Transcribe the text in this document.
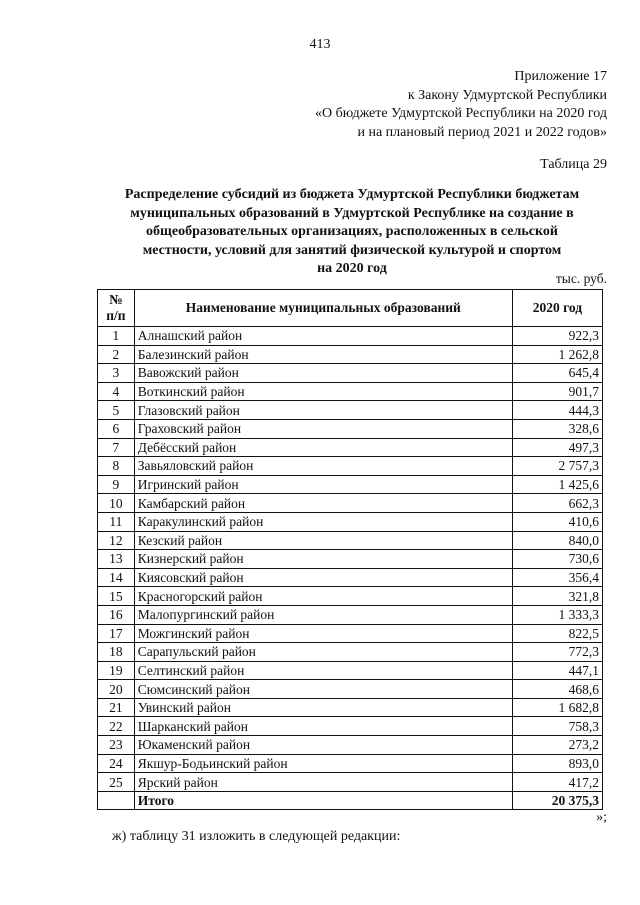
413
Приложение 17
к Закону Удмуртской Республики
«О бюджете Удмуртской Республики на 2020 год
и на плановый период 2021 и 2022 годов»
Таблица 29
Распределение субсидий из бюджета Удмуртской Республики бюджетам
муниципальных образований в Удмуртской Республике на создание в
общеобразовательных организациях, расположенных в сельской
местности, условий для занятий физической культурой и спортом
на 2020 год
тыс. руб.
№
п/п	Наименование муниципальных образований	2020 год
1	Алнашский район	922,3
2	Балезинский район	1 262,8
3	Вавожский район	645,4
4	Воткинский район	901,7
5	Глазовский район	444,3
6	Граховский район	328,6
7	Дебёсский район	497,3
8	Завьяловский район	2 757,3
9	Игринский район	1 425,6
10	Камбарский район	662,3
11	Каракулинский район	410,6
12	Кезский район	840,0
13	Кизнерский район	730,6
14	Киясовский район	356,4
15	Красногорский район	321,8
16	Малопургинский район	1 333,3
17	Можгинский район	822,5
18	Сарапульский район	772,3
19	Селтинский район	447,1
20	Сюмсинский район	468,6
21	Увинский район	1 682,8
22	Шарканский район	758,3
23	Юкаменский район	273,2
24	Якшур-Бодьинский район	893,0
25	Ярский район	417,2
	Итого	20 375,3
»;
ж) таблицу 31 изложить в следующей редакции:
